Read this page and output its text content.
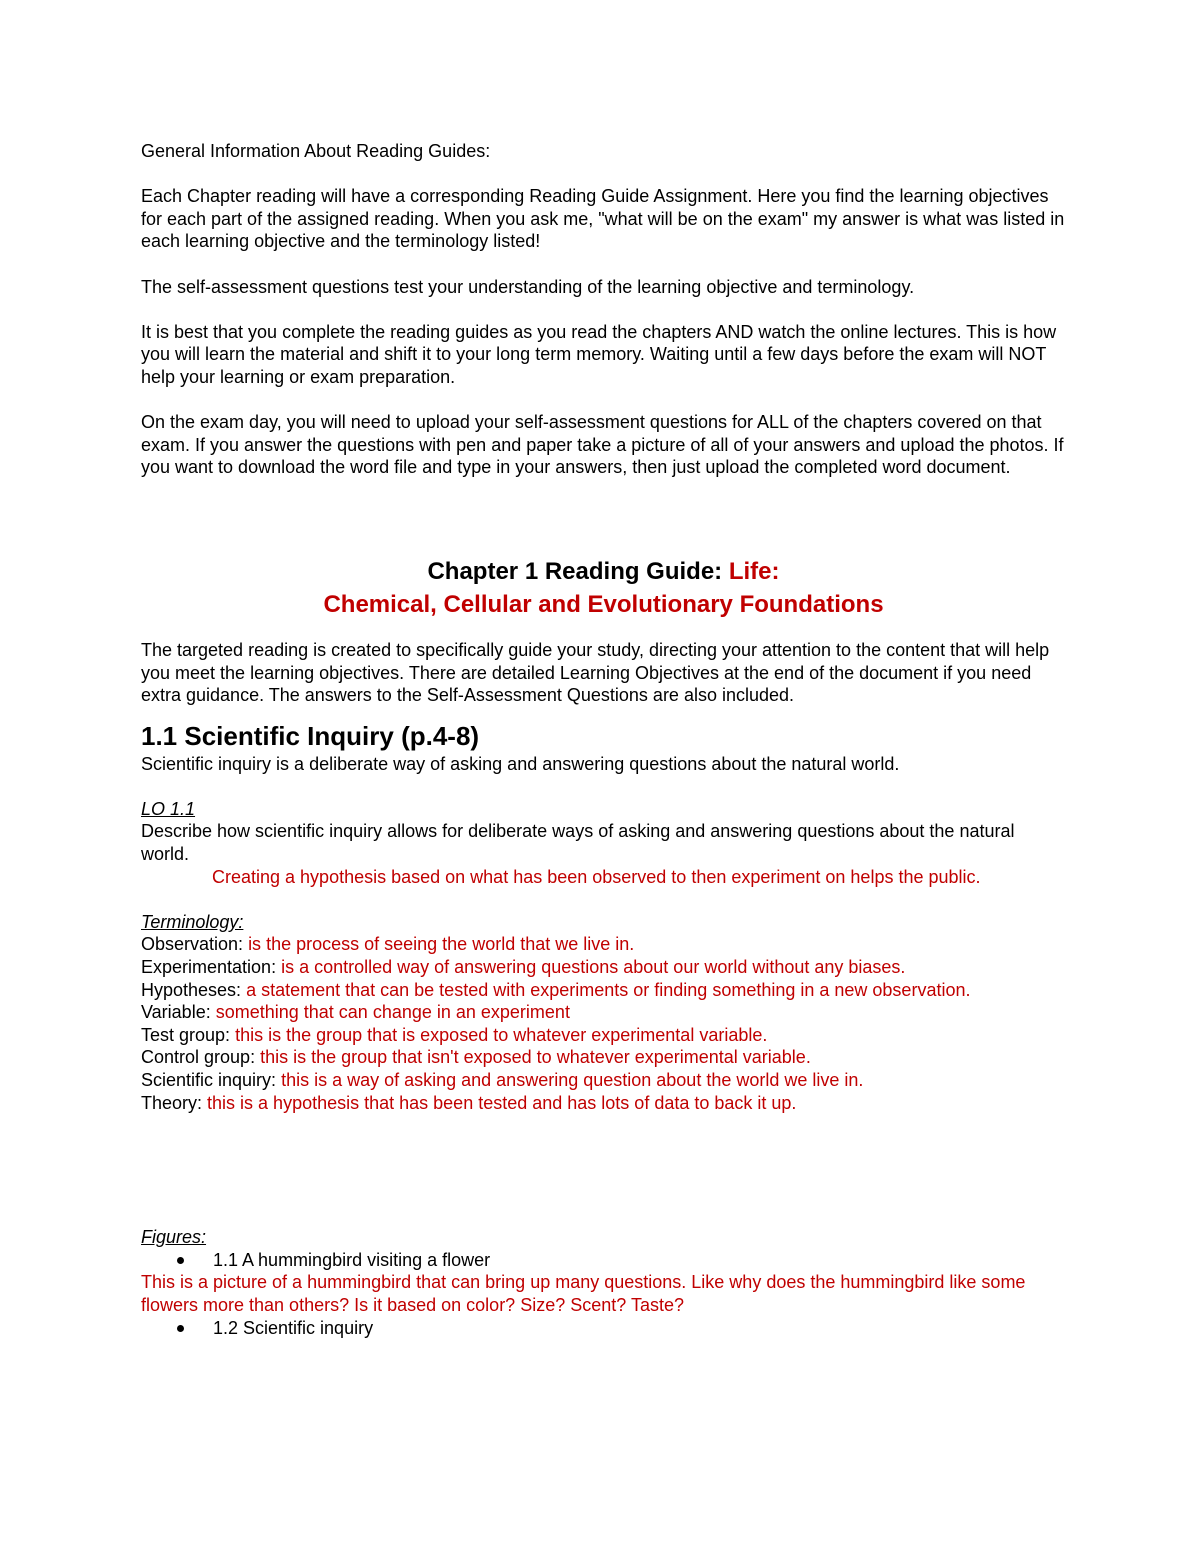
General Information About Reading Guides:

Each Chapter reading will have a corresponding Reading Guide Assignment. Here you find the learning objectives for each part of the assigned reading. When you ask me, "what will be on the exam" my answer is what was listed in each learning objective and the terminology listed!

The self-assessment questions test your understanding of the learning objective and terminology.

It is best that you complete the reading guides as you read the chapters AND watch the online lectures. This is how you will learn the material and shift it to your long term memory. Waiting until a few days before the exam will NOT help your learning or exam preparation.

On the exam day, you will need to upload your self-assessment questions for ALL of the chapters covered on that exam. If you answer the questions with pen and paper take a picture of all of your answers and upload the photos. If you want to download the word file and type in your answers, then just upload the completed word document.

Chapter 1 Reading Guide: Life:
Chemical, Cellular and Evolutionary Foundations

The targeted reading is created to specifically guide your study, directing your attention to the content that will help you meet the learning objectives. There are detailed Learning Objectives at the end of the document if you need extra guidance. The answers to the Self-Assessment Questions are also included.

1.1 Scientific Inquiry (p.4-8)

Scientific inquiry is a deliberate way of asking and answering questions about the natural world.

LO 1.1

Describe how scientific inquiry allows for deliberate ways of asking and answering questions about the natural world.

Creating a hypothesis based on what has been observed to then experiment on helps the public.

Terminology:

Observation: is the process of seeing the world that we live in.

Experimentation: is a controlled way of answering questions about our world without any biases.

Hypotheses: a statement that can be tested with experiments or finding something in a new observation.

Variable: something that can change in an experiment

Test group: this is the group that is exposed to whatever experimental variable.

Control group: this is the group that isn't exposed to whatever experimental variable.

Scientific inquiry: this is a way of asking and answering question about the world we live in.

Theory: this is a hypothesis that has been tested and has lots of data to back it up.

Figures:

1.1 A hummingbird visiting a flower

This is a picture of a hummingbird that can bring up many questions. Like why does the hummingbird like some flowers more than others? Is it based on color? Size? Scent? Taste?

1.2 Scientific inquiry
